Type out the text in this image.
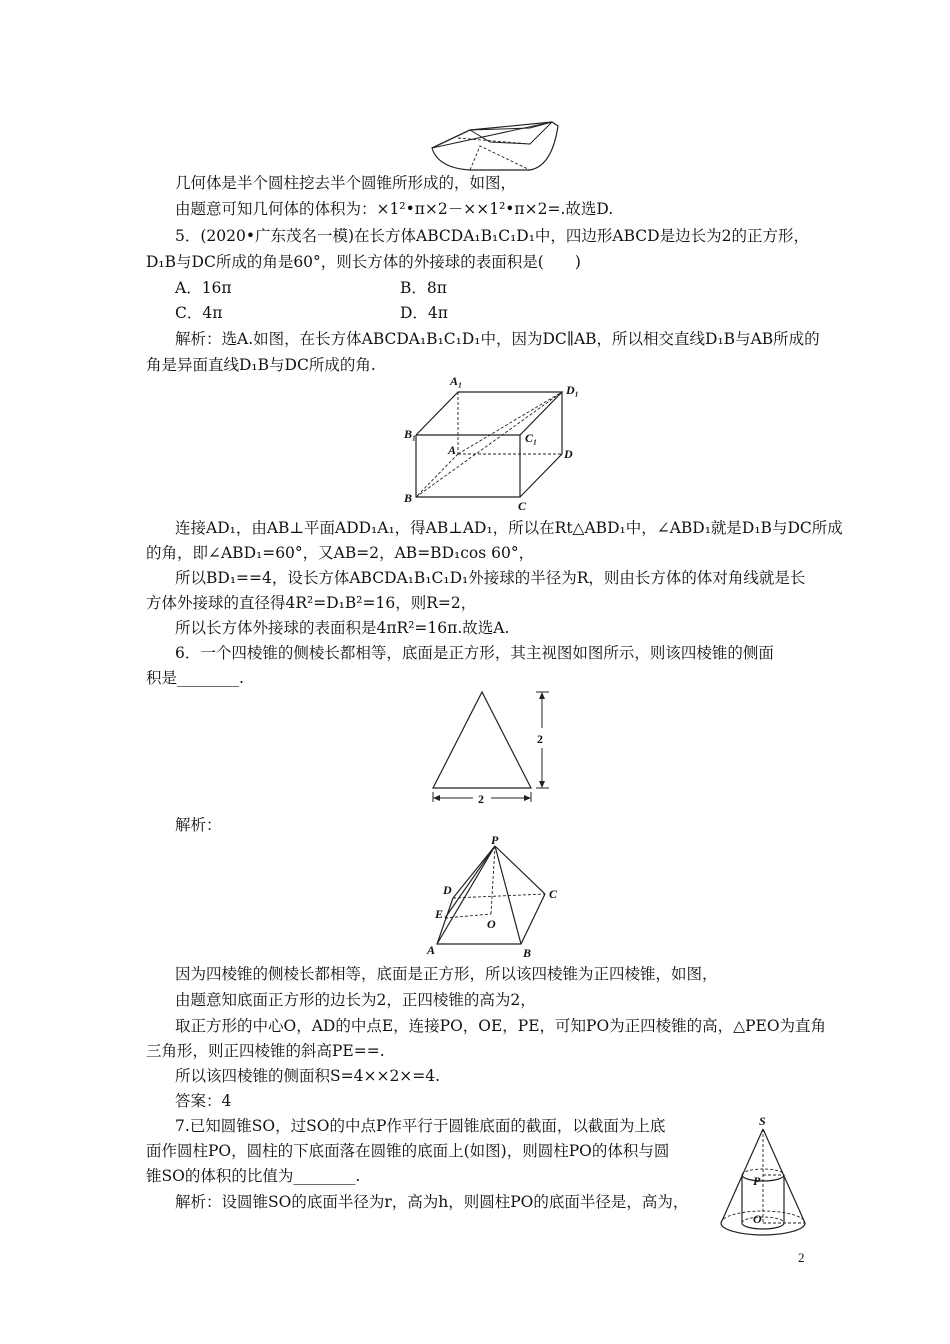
几何体是半个圆柱挖去半个圆锥所形成的，如图，
由题意可知几何体的体积为：×1²•π×2－××1²•π×2=.故选D.
5．(2020•广东茂名一模)在长方体ABCDA₁B₁C₁D₁中，四边形ABCD是边长为2的正方形，
D₁B与DC所成的角是60°，则长方体的外接球的表面积是(　　)
A．16π	B．8π
C．4π	D．4π
解析：选A.如图，在长方体ABCDA₁B₁C₁D₁中，因为DC∥AB，所以相交直线D₁B与AB所成的
角是异面直线D₁B与DC所成的角.
A₁
D₁
B₁	C₁
A	D
B
C
连接AD₁，由AB⊥平面ADD₁A₁，得AB⊥AD₁，所以在Rt△ABD₁中，∠ABD₁就是D₁B与DC所成
的角，即∠ABD₁=60°，又AB=2，AB=BD₁cos 60°，
所以BD₁==4，设长方体ABCDA₁B₁C₁D₁外接球的半径为R，则由长方体的体对角线就是长
方体外接球的直径得4R²=D₁B²=16，则R=2，
所以长方体外接球的表面积是4πR²=16π.故选A.
6．一个四棱锥的侧棱长都相等，底面是正方形，其主视图如图所示，则该四棱锥的侧面
积是________.
2
2
解析：
P
D	C
E
O
A	B
因为四棱锥的侧棱长都相等，底面是正方形，所以该四棱锥为正四棱锥，如图，
由题意知底面正方形的边长为2，正四棱锥的高为2，
取正方形的中心O，AD的中点E，连接PO，OE，PE，可知PO为正四棱锥的高，△PEO为直角
三角形，则正四棱锥的斜高PE==.
所以该四棱锥的侧面积S=4××2×=4.
答案：4
7.已知圆锥SO，过SO的中点P作平行于圆锥底面的截面，以截面为上底
面作圆柱PO，圆柱的下底面落在圆锥的底面上(如图)，则圆柱PO的体积与圆
锥SO的体积的比值为________.
解析：设圆锥SO的底面半径为r，高为h，则圆柱PO的底面半径是，高为，
S
P
O
2
